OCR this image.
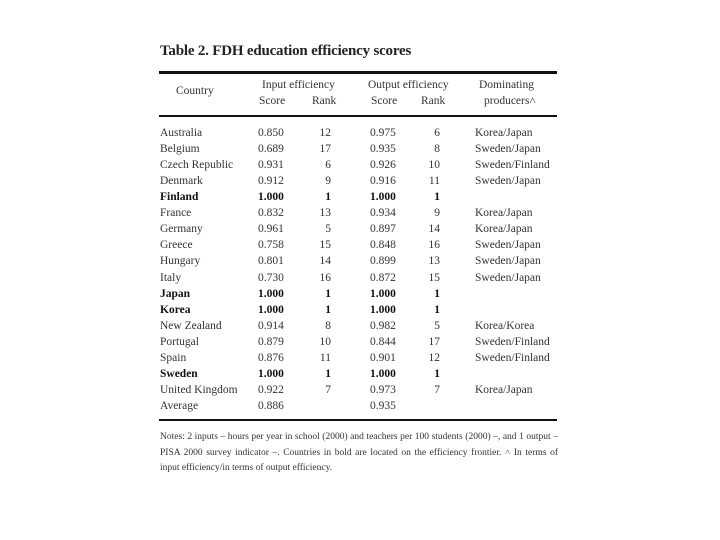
Table 2. FDH education efficiency scores
Country	Input efficiency	Output efficiency	Dominating
Score Rank	Score Rank	producers˄
Australia	0.850	12	0.975	6	Korea/Japan
Belgium	0.689	17	0.935	8	Sweden/Japan
Czech Republic 0.931	6	0.926	10	Sweden/Finland
Denmark	0.912	9	0.916	11	Sweden/Japan
Finland	1.000	1	1.000	1
France	0.832	13	0.934	9	Korea/Japan
Germany	0.961	5	0.897	14	Korea/Japan
Greece	0.758	15	0.848	16	Sweden/Japan
Hungary	0.801	14	0.899	13	Sweden/Japan
Italy	0.730	16	0.872	15	Sweden/Japan
Japan	1.000	1	1.000	1
Korea	1.000	1	1.000	1
New Zealand	0.914	8	0.982	5	Korea/Korea
Portugal	0.879	10	0.844	17	Sweden/Finland
Spain	0.876	11	0.901	12	Sweden/Finland
Sweden	1.000	1	1.000	1
United Kingdom 0.922	7	0.973	7	Korea/Japan
Average	0.886	0.935
Notes: 2 inputs – hours per year in school (2000) and teachers per 100 students (2000) –, and 1 output – PISA 2000 survey indicator –. Countries in bold are located on the efficiency frontier. ˄ In terms of input efficiency/in terms of output efficiency.
